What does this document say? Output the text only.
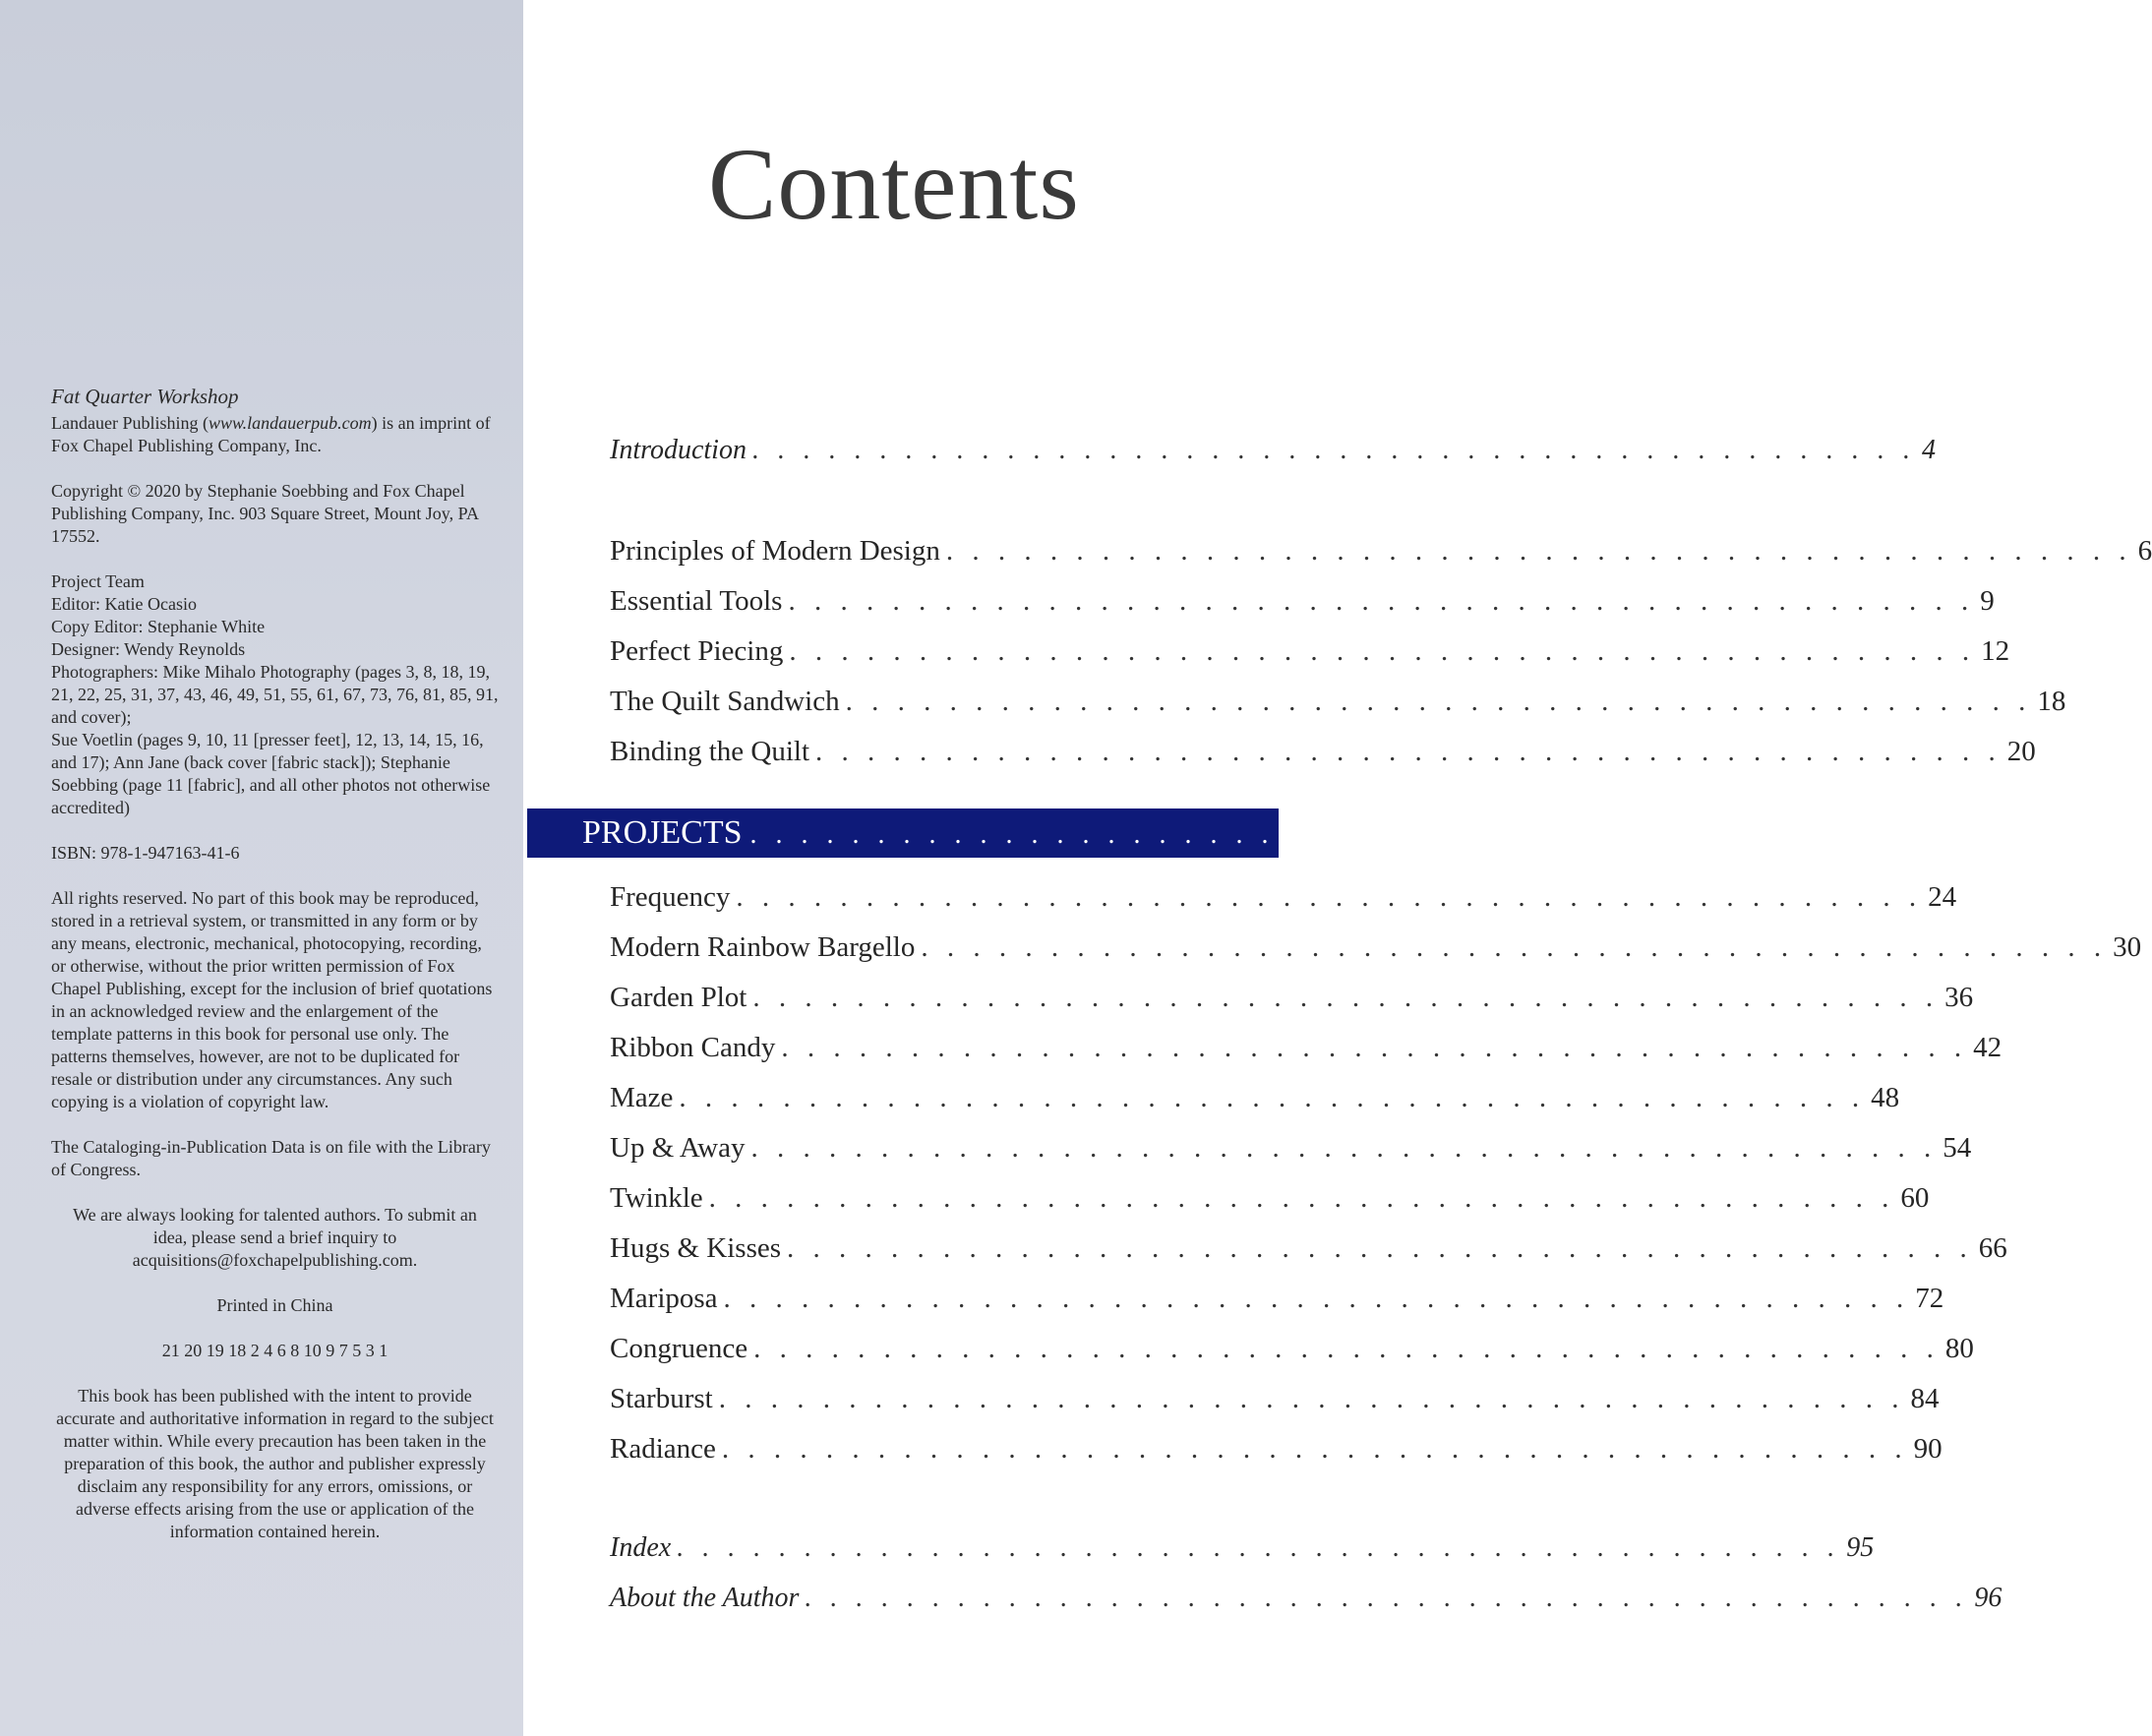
Fat Quarter Workshop

Landauer Publishing (www.landauerpub.com) is an imprint of Fox Chapel Publishing Company, Inc.

Copyright © 2020 by Stephanie Soebbing and Fox Chapel Publishing Company, Inc. 903 Square Street, Mount Joy, PA 17552.

Project Team
Editor: Katie Ocasio
Copy Editor: Stephanie White
Designer: Wendy Reynolds
Photographers: Mike Mihalo Photography (pages 3, 8, 18, 19, 21, 22, 25, 31, 37, 43, 46, 49, 51, 55, 61, 67, 73, 76, 81, 85, 91, and cover);
Sue Voetlin (pages 9, 10, 11 [presser feet], 12, 13, 14, 15, 16, and 17); Ann Jane (back cover [fabric stack]); Stephanie Soebbing (page 11 [fabric], and all other photos not otherwise accredited)

ISBN: 978-1-947163-41-6

All rights reserved. No part of this book may be reproduced, stored in a retrieval system, or transmitted in any form or by any means, electronic, mechanical, photocopying, recording, or otherwise, without the prior written permission of Fox Chapel Publishing, except for the inclusion of brief quotations in an acknowledged review and the enlargement of the template patterns in this book for personal use only. The patterns themselves, however, are not to be duplicated for resale or distribution under any circumstances. Any such copying is a violation of copyright law.

The Cataloging-in-Publication Data is on file with the Library of Congress.

We are always looking for talented authors. To submit an idea, please send a brief inquiry to acquisitions@foxchapelpublishing.com.

Printed in China

21 20 19 18 2 4 6 8 10 9 7 5 3 1

This book has been published with the intent to provide accurate and authoritative information in regard to the subject matter within. While every precaution has been taken in the preparation of this book, the author and publisher expressly disclaim any responsibility for any errors, omissions, or adverse effects arising from the use or application of the information contained herein.

Contents
Introduction . . . . . . . . . . . . . . . . . . . . . . . . . . . . . . . . . . . . . . . . . . . . . . 4
Principles of Modern Design . . . . . . . . . . . . . . . . . . . . . . . . . . . . . . . . . . . . . . . . . . . . . . 6
Essential Tools . . . . . . . . . . . . . . . . . . . . . . . . . . . . . . . . . . . . . . . . . . . . . . 9
Perfect Piecing . . . . . . . . . . . . . . . . . . . . . . . . . . . . . . . . . . . . . . . . . . . . . . 12
The Quilt Sandwich . . . . . . . . . . . . . . . . . . . . . . . . . . . . . . . . . . . . . . . . . . . . . . 18
Binding the Quilt . . . . . . . . . . . . . . . . . . . . . . . . . . . . . . . . . . . . . . . . . . . . . . 20
Frequency . . . . . . . . . . . . . . . . . . . . . . . . . . . . . . . . . . . . . . . . . . . . . . 24
Modern Rainbow Bargello . . . . . . . . . . . . . . . . . . . . . . . . . . . . . . . . . . . . . . . . . . . . . . 30
Garden Plot . . . . . . . . . . . . . . . . . . . . . . . . . . . . . . . . . . . . . . . . . . . . . . 36
Ribbon Candy . . . . . . . . . . . . . . . . . . . . . . . . . . . . . . . . . . . . . . . . . . . . . . 42
Maze . . . . . . . . . . . . . . . . . . . . . . . . . . . . . . . . . . . . . . . . . . . . . . 48
Up & Away . . . . . . . . . . . . . . . . . . . . . . . . . . . . . . . . . . . . . . . . . . . . . . 54
Twinkle . . . . . . . . . . . . . . . . . . . . . . . . . . . . . . . . . . . . . . . . . . . . . . 60
Hugs & Kisses . . . . . . . . . . . . . . . . . . . . . . . . . . . . . . . . . . . . . . . . . . . . . . 66
Mariposa . . . . . . . . . . . . . . . . . . . . . . . . . . . . . . . . . . . . . . . . . . . . . . 72
Congruence . . . . . . . . . . . . . . . . . . . . . . . . . . . . . . . . . . . . . . . . . . . . . . 80
Starburst . . . . . . . . . . . . . . . . . . . . . . . . . . . . . . . . . . . . . . . . . . . . . . 84
Radiance . . . . . . . . . . . . . . . . . . . . . . . . . . . . . . . . . . . . . . . . . . . . . . 90
Index . . . . . . . . . . . . . . . . . . . . . . . . . . . . . . . . . . . . . . . . . . . . . . 95
About the Author . . . . . . . . . . . . . . . . . . . . . . . . . . . . . . . . . . . . . . . . . . . . . . 96
PROJECTS . . . . . . . . . . . . . . . . . . . . . . . . . . . . . . . . . . . . . . 22
